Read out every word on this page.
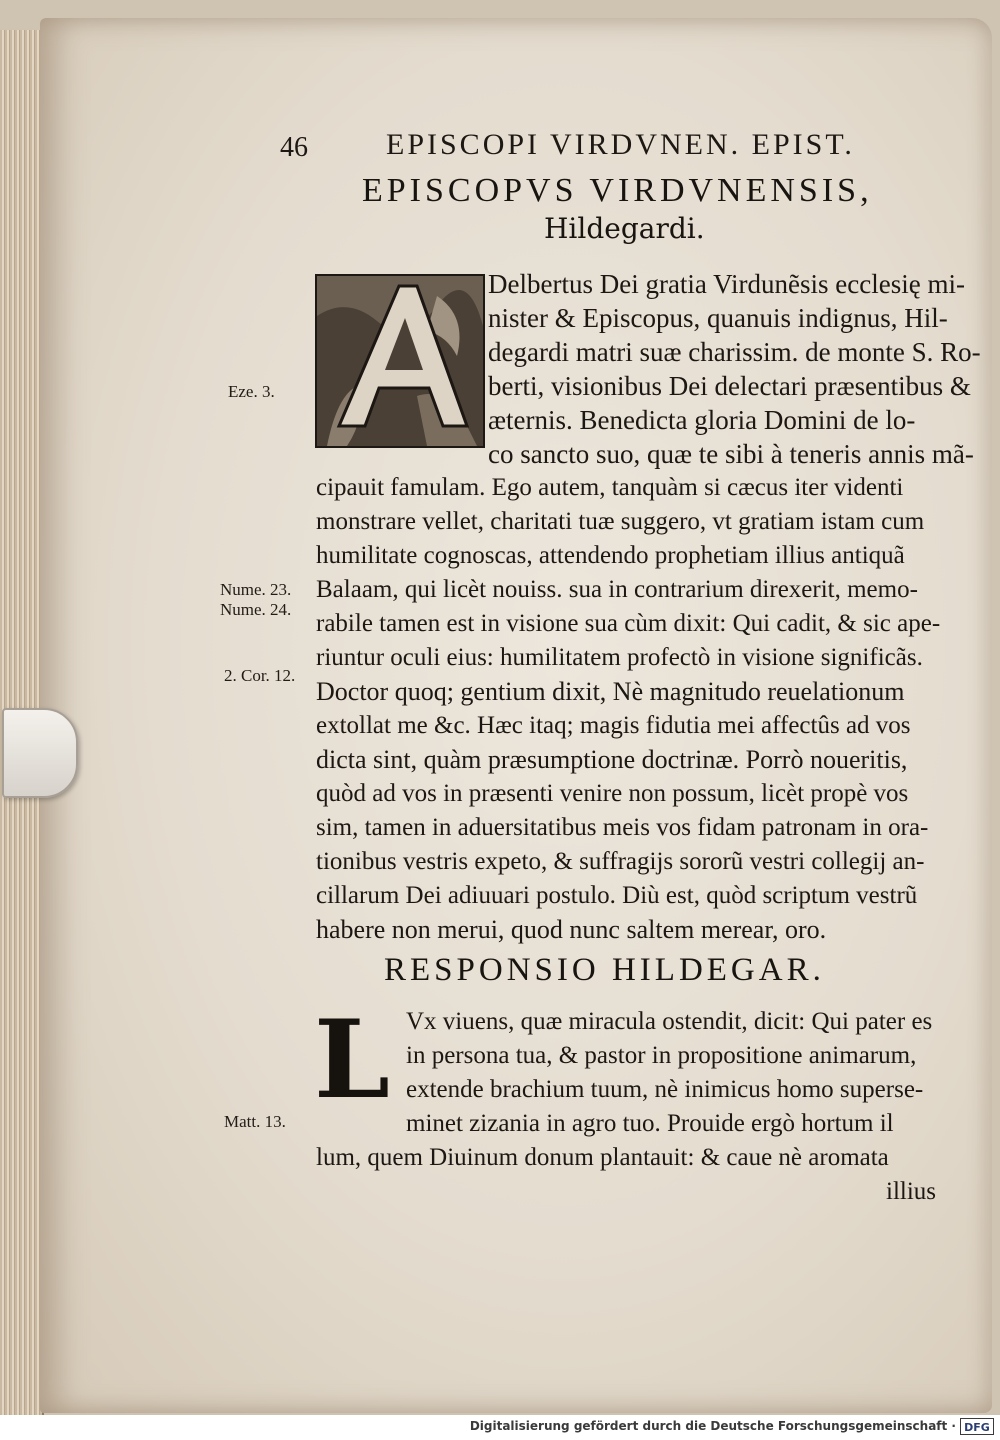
46	EPISCOPI VIRDVNEN. EPIST.
EPISCOPVS VIRDVNENSIS,
Hildegardi.
Delbertus Dei gratia Virdunẽsis ecclesię mi-
nister & Episcopus, quanuis indignus, Hil-
degardi matri suæ charissim. de monte S. Ro-
berti, visionibus Dei delectari præsentibus &
æternis. Benedicta gloria Domini de lo-
co sancto suo, quæ te sibi à teneris annis mã-
cipauit famulam. Ego autem, tanquàm si cæcus iter videnti
monstrare vellet, charitati tuæ suggero, vt gratiam istam cum
humilitate cognoscas, attendendo prophetiam illius antiquã
Balaam, qui licèt nouiss. sua in contrarium direxerit, memo-
rabile tamen est in visione sua cùm dixit: Qui cadit, & sic ape-
riuntur oculi eius: humilitatem profectò in visione significãs.
Doctor quoq; gentium dixit, Nè magnitudo reuelationum
extollat me &c. Hæc itaq; magis fidutia mei affectûs ad vos
dicta sint, quàm præsumptione doctrinæ. Porrò noueritis,
quòd ad vos in præsenti venire non possum, licèt propè vos
sim, tamen in aduersitatibus meis vos fidam patronam in ora-
tionibus vestris expeto, & suffragijs sororũ vestri collegij an-
cillarum Dei adiuuari postulo. Diù est, quòd scriptum vestrũ
habere non merui, quod nunc saltem merear, oro.
RESPONSIO HILDEGAR.
L Vx viuens, quæ miracula ostendit, dicit: Qui pater es
in persona tua, & pastor in propositione animarum,
extende brachium tuum, nè inimicus homo superse-
minet zizania in agro tuo. Prouide ergò hortum il
lum, quem Diuinum donum plantauit: & caue nè aromata
illius
Eze. 3.
Nume. 23.
Nume. 24.
2. Cor. 12.
Matt. 13.
Digitalisierung gefördert durch die Deutsche Forschungsgemeinschaft · DFG
